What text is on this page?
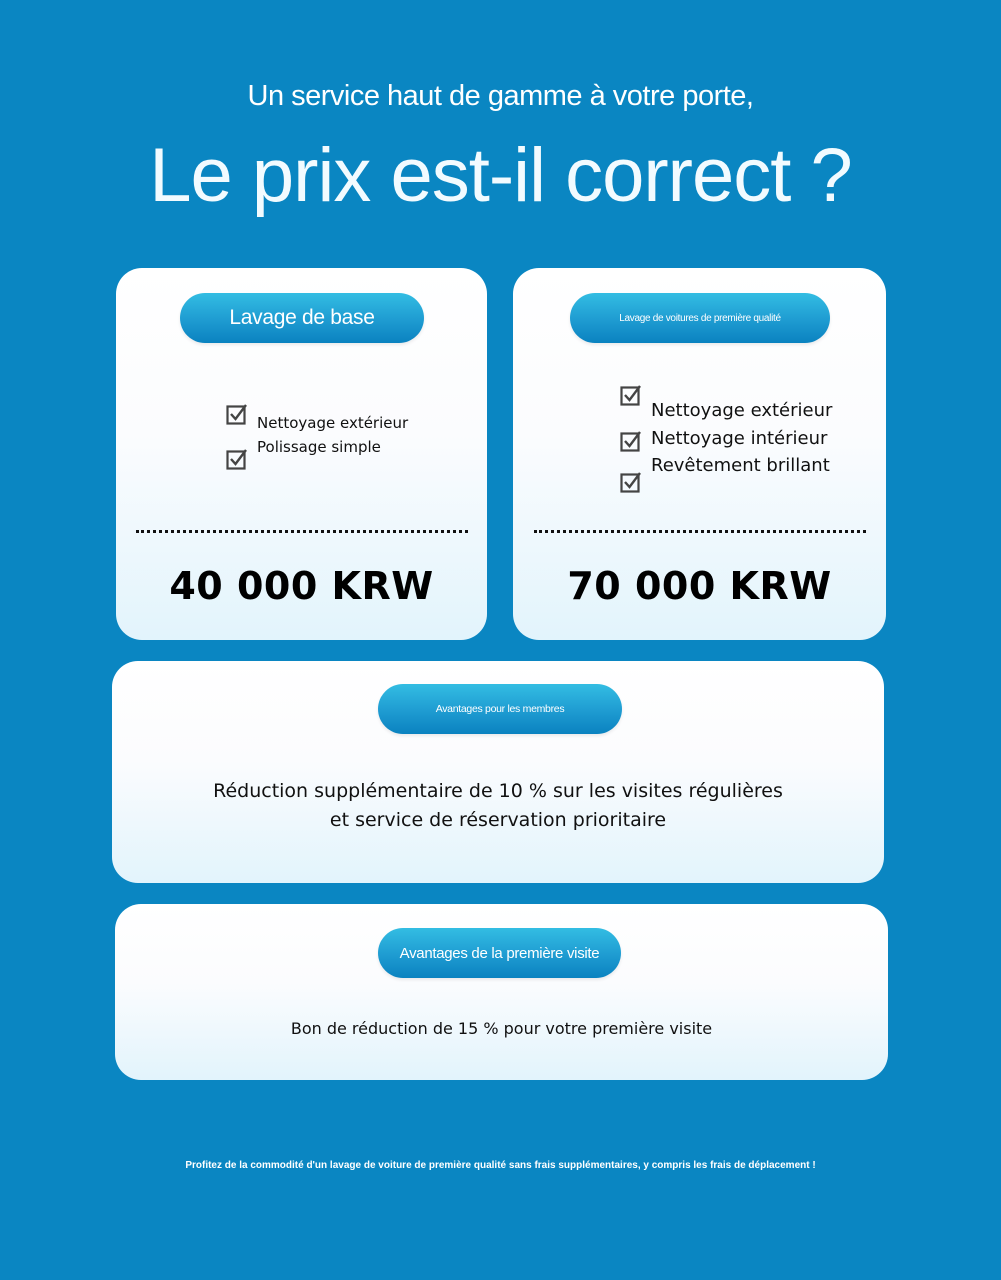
Un service haut de gamme à votre porte,
Le prix est-il correct ?
Lavage de base
Nettoyage extérieur
Polissage simple
40 000 KRW
Lavage de voitures de première qualité
Nettoyage extérieur
Nettoyage intérieur
Revêtement brillant
70 000 KRW
Avantages pour les membres
Réduction supplémentaire de 10 % sur les visites régulières
et service de réservation prioritaire
Avantages de la première visite
Bon de réduction de 15 % pour votre première visite
Profitez de la commodité d'un lavage de voiture de première qualité sans frais supplémentaires, y compris les frais de déplacement !
